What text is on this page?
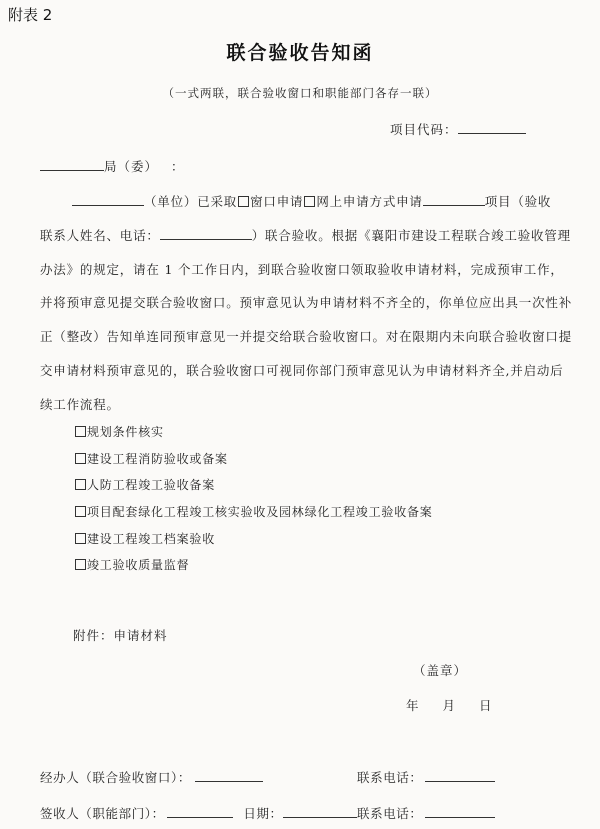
附表 2
联合验收告知函
（一式两联，联合验收窗口和职能部门各存一联）
项目代码：
局（委） ：
（单位）已采取 窗口申请 网上申请方式申请	项目（验收
联系人姓名、电话：	）联合验收。根据《襄阳市建设工程联合竣工验收管理
办法》的规定，请在 1 个工作日内，到联合验收窗口领取验收申请材料，完成预审工作，
并将预审意见提交联合验收窗口。预审意见认为申请材料不齐全的，你单位应出具一次性补
正（整改）告知单连同预审意见一并提交给联合验收窗口。对在限期内未向联合验收窗口提
交申请材料预审意见的，联合验收窗口可视同你部门预审意见认为申请材料齐全,并启动后
续工作流程。
规划条件核实
建设工程消防验收或备案
人防工程竣工验收备案
项目配套绿化工程竣工核实验收及园林绿化工程竣工验收备案
建设工程竣工档案验收
竣工验收质量监督
附件：申请材料
（盖章）
年 月 日
经办人（联合验收窗口）：	联系电话：
签收人（职能部门）：	日期：	联系电话：
